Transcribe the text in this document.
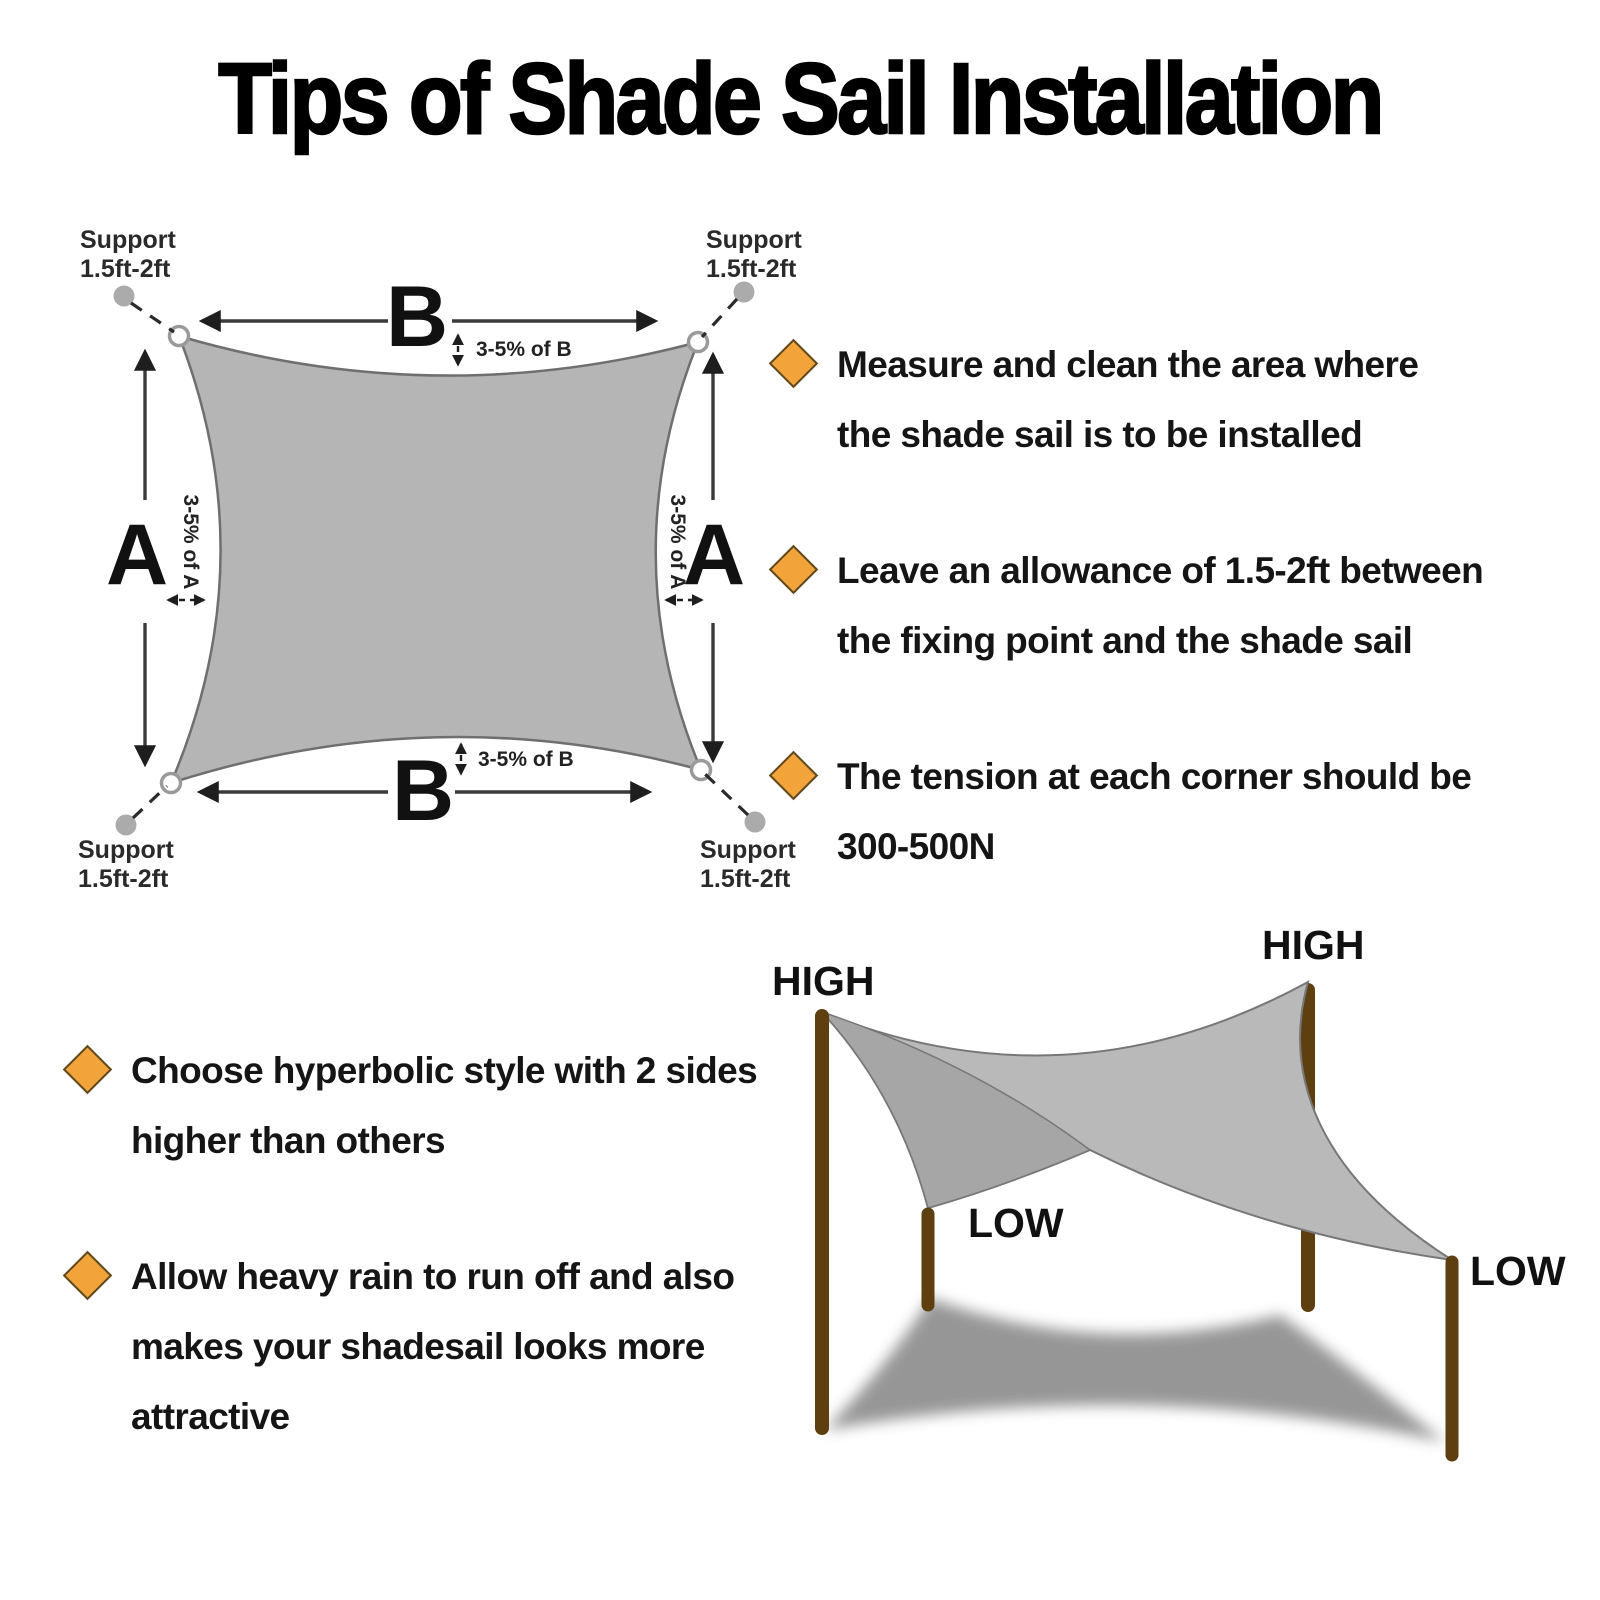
Tips of Shade Sail Installation
Support
1.5ft-2ft
Support
1.5ft-2ft
Support
1.5ft-2ft
Support
1.5ft-2ft
B
B
A	A
3-5% of B
3-5% of B
3-5% of A	3-5% of A
Measure and clean the area where
the shade sail is to be installed
Leave an allowance of 1.5-2ft between
the fixing point and the shade sail
The tension at each corner should be
300-500N
Choose hyperbolic style with 2 sides
higher than others
Allow heavy rain to run off and also
makes your shadesail looks more
attractive
HIGH
HIGH
LOW
LOW
